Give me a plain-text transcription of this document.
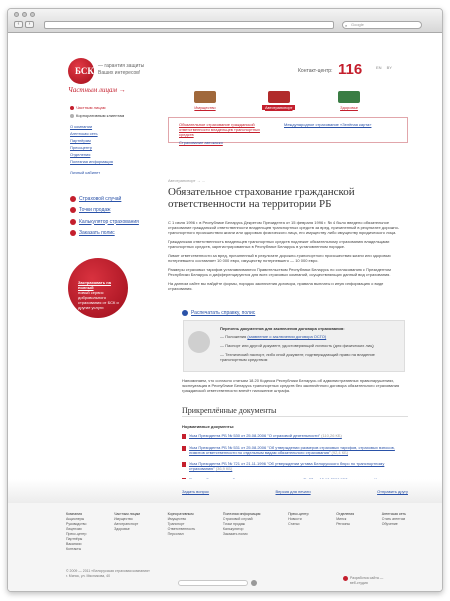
‹	›	⌕ Google
БСК — гарантия защиты
Ваших интересов!
Частным лицам →
Контакт-центр: 116	EN BY
Имущество	Автотранспорт	Здоровье
Частным лицам
Корпоративным клиентам
О компании
Агентская сеть
Партнёрам
Прессцентр
Отделения
Полезная информация
Личный кабинет
Страховой случай
Точки продаж
Калькулятор страхования
Заказать полис
Застраховать на полный
новый сервис добровольного страхования от БСК и другие услуги
Обязательное страхование гражданской ответственности владельцев транспортных средств
Страхование автокаско
Международное страхование «Зелёная карта»
Автотранспорт → ...
Обязательное страхование гражданской ответственности на территории РБ
С 1 июля 1996 г. в Республике Беларусь Декретом Президента от 15 февраля 1996 г. № 4 было введено обязательное страхование гражданской ответственности владельцев транспортных средств за вред, причиненный в результате дорожно-транспортного происшествия жизни или здоровью физического лица, его имуществу либо имуществу юридического лица.
Гражданская ответственность владельцев транспортных средств подлежит обязательному страхованию владельцами транспортных средств, зарегистрированных в Республике Беларусь в установленном порядке.
Лимит ответственности за вред, причиненный в результате дорожно-транспортного происшествия жизни или здоровью потерпевшего составляет 10 000 евро, имуществу потерпевшего — 10 000 евро.
Размеры страховых тарифов устанавливаются Правительством Республики Беларусь по согласованию с Президентом Республики Беларусь и дифференцируются для всех страховых компаний, осуществляющих данный вид страхования.
На данном сайте вы найдёте формы, порядок заключения договора, правила выплаты и иную информацию о виде страхования.
Распечатать справку, полис
Перечень документов для заключения договора страхования:
— Положения (заявление о заключении договора ОСГО)
— Паспорт или другой документ, удостоверяющий личность (для физических лиц)
— Технический паспорт, либо иной документ, подтверждающий право на владение транспортным средством
Напоминаем, что согласно статьям 18.20 Кодекса Республики Беларусь об административных правонарушениях, эксплуатация в Республике Беларусь транспортных средств без заключённого договора обязательного страхования гражданской ответственности влечёт наложение штрафа.
Прикреплённые документы
Нормативные документы:
Указ Президента РБ № 530 от 25.08.2006 "О страховой деятельности" (110,26 КБ)
Указ Президента РБ № 531 от 25.08.2006 "Об утверждении размеров страховых тарифов, страховых взносов, лимитов ответственности по отдельным видам обязательного страхования" (92,4 КБ)
Указ Президента РБ № 721 от 21.11.1996 "Об утверждении устава Белорусского бюро по транспортному страхованию" (36,9 КБ)
Задать вопрос	Версия для печати	Отправить другу
Компания
Акционеры
Руководство
Лицензии
Пресс-центр
Партнёры
Вакансии
Контакты
Частным лицам
Имущество
Автотранспорт
Здоровье
Корпоративным
Имущество
Транспорт
Ответственность
Персонал
Полезная информация
Страховой случай
Точки продаж
Калькулятор
Заказать полис
Пресс-центр
Новости
Статьи
Отделения
Минск
Регионы
Агентская сеть
Стать агентом
Обучение
© 2009 — 2011 «Белорусская страховая компания»
г. Минск, ул. Мясникова, 40	Разработка сайта —
веб-студия
